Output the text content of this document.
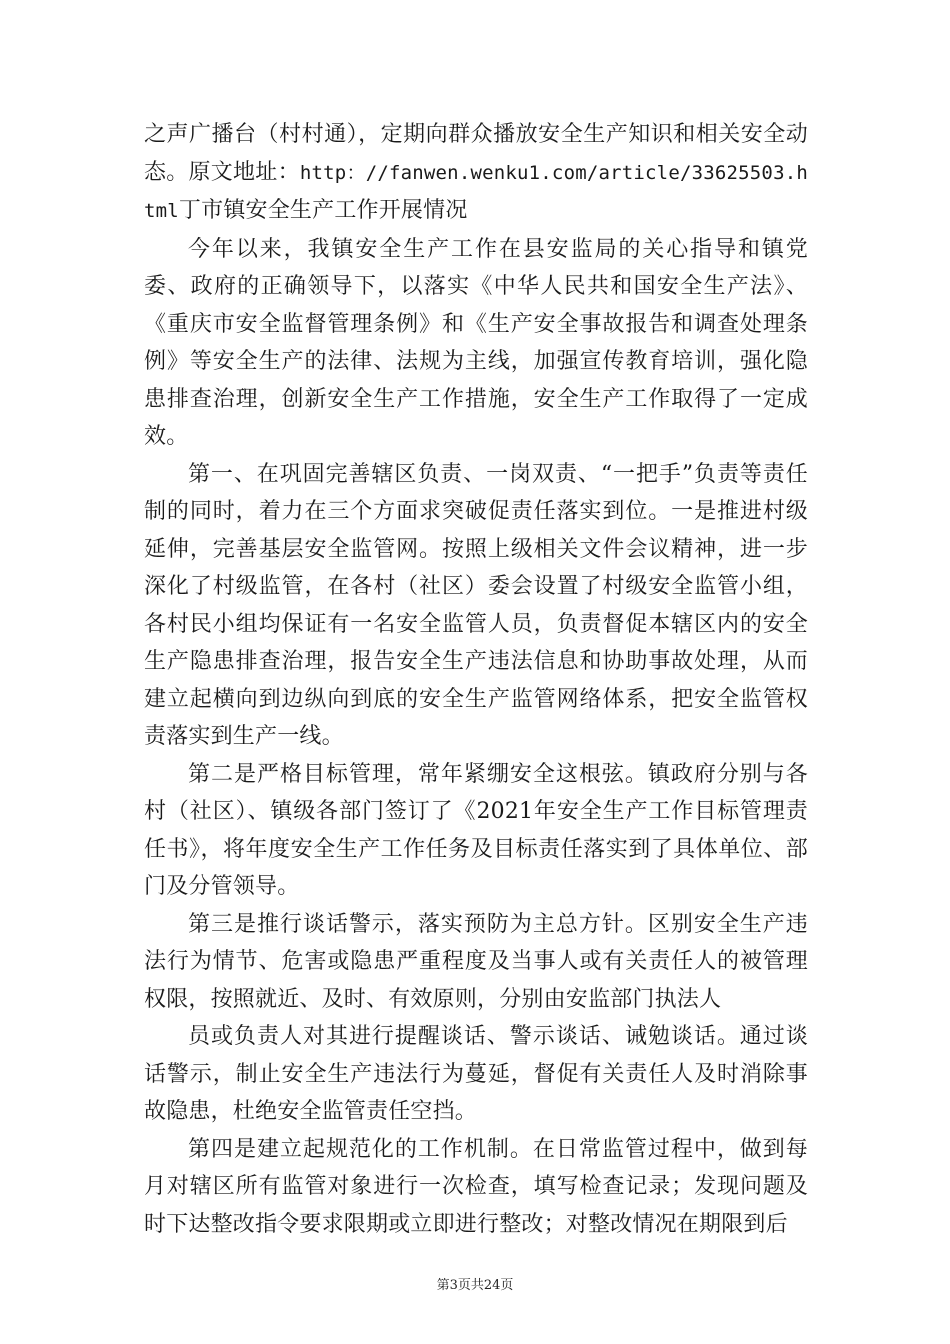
之声广播台（村村通），定期向群众播放安全生产知识和相关安全动态。原文地址：http：//fanwen.wenku1.com/article/33625503.html丁市镇安全生产工作开展情况

今年以来，我镇安全生产工作在县安监局的关心指导和镇党委、政府的正确领导下，以落实《中华人民共和国安全生产法》、《重庆市安全监督管理条例》和《生产安全事故报告和调查处理条例》等安全生产的法律、法规为主线，加强宣传教育培训，强化隐患排查治理，创新安全生产工作措施，安全生产工作取得了一定成效。

第一、在巩固完善辖区负责、一岗双责、“一把手”负责等责任制的同时，着力在三个方面求突破促责任落实到位。一是推进村级延伸，完善基层安全监管网。按照上级相关文件会议精神，进一步深化了村级监管，在各村（社区）委会设置了村级安全监管小组，各村民小组均保证有一名安全监管人员，负责督促本辖区内的安全生产隐患排查治理，报告安全生产违法信息和协助事故处理，从而建立起横向到边纵向到底的安全生产监管网络体系，把安全监管权责落实到生产一线。

第二是严格目标管理，常年紧绷安全这根弦。镇政府分别与各村（社区）、镇级各部门签订了《2021年安全生产工作目标管理责任书》，将年度安全生产工作任务及目标责任落实到了具体单位、部门及分管领导。

第三是推行谈话警示，落实预防为主总方针。区别安全生产违法行为情节、危害或隐患严重程度及当事人或有关责任人的被管理权限，按照就近、及时、有效原则，分别由安监部门执法人

员或负责人对其进行提醒谈话、警示谈话、诫勉谈话。通过谈话警示，制止安全生产违法行为蔓延，督促有关责任人及时消除事故隐患，杜绝安全监管责任空挡。

第四是建立起规范化的工作机制。在日常监管过程中，做到每月对辖区所有监管对象进行一次检查，填写检查记录；发现问题及时下达整改指令要求限期或立即进行整改；对整改情况在期限到后

第3页共24页
